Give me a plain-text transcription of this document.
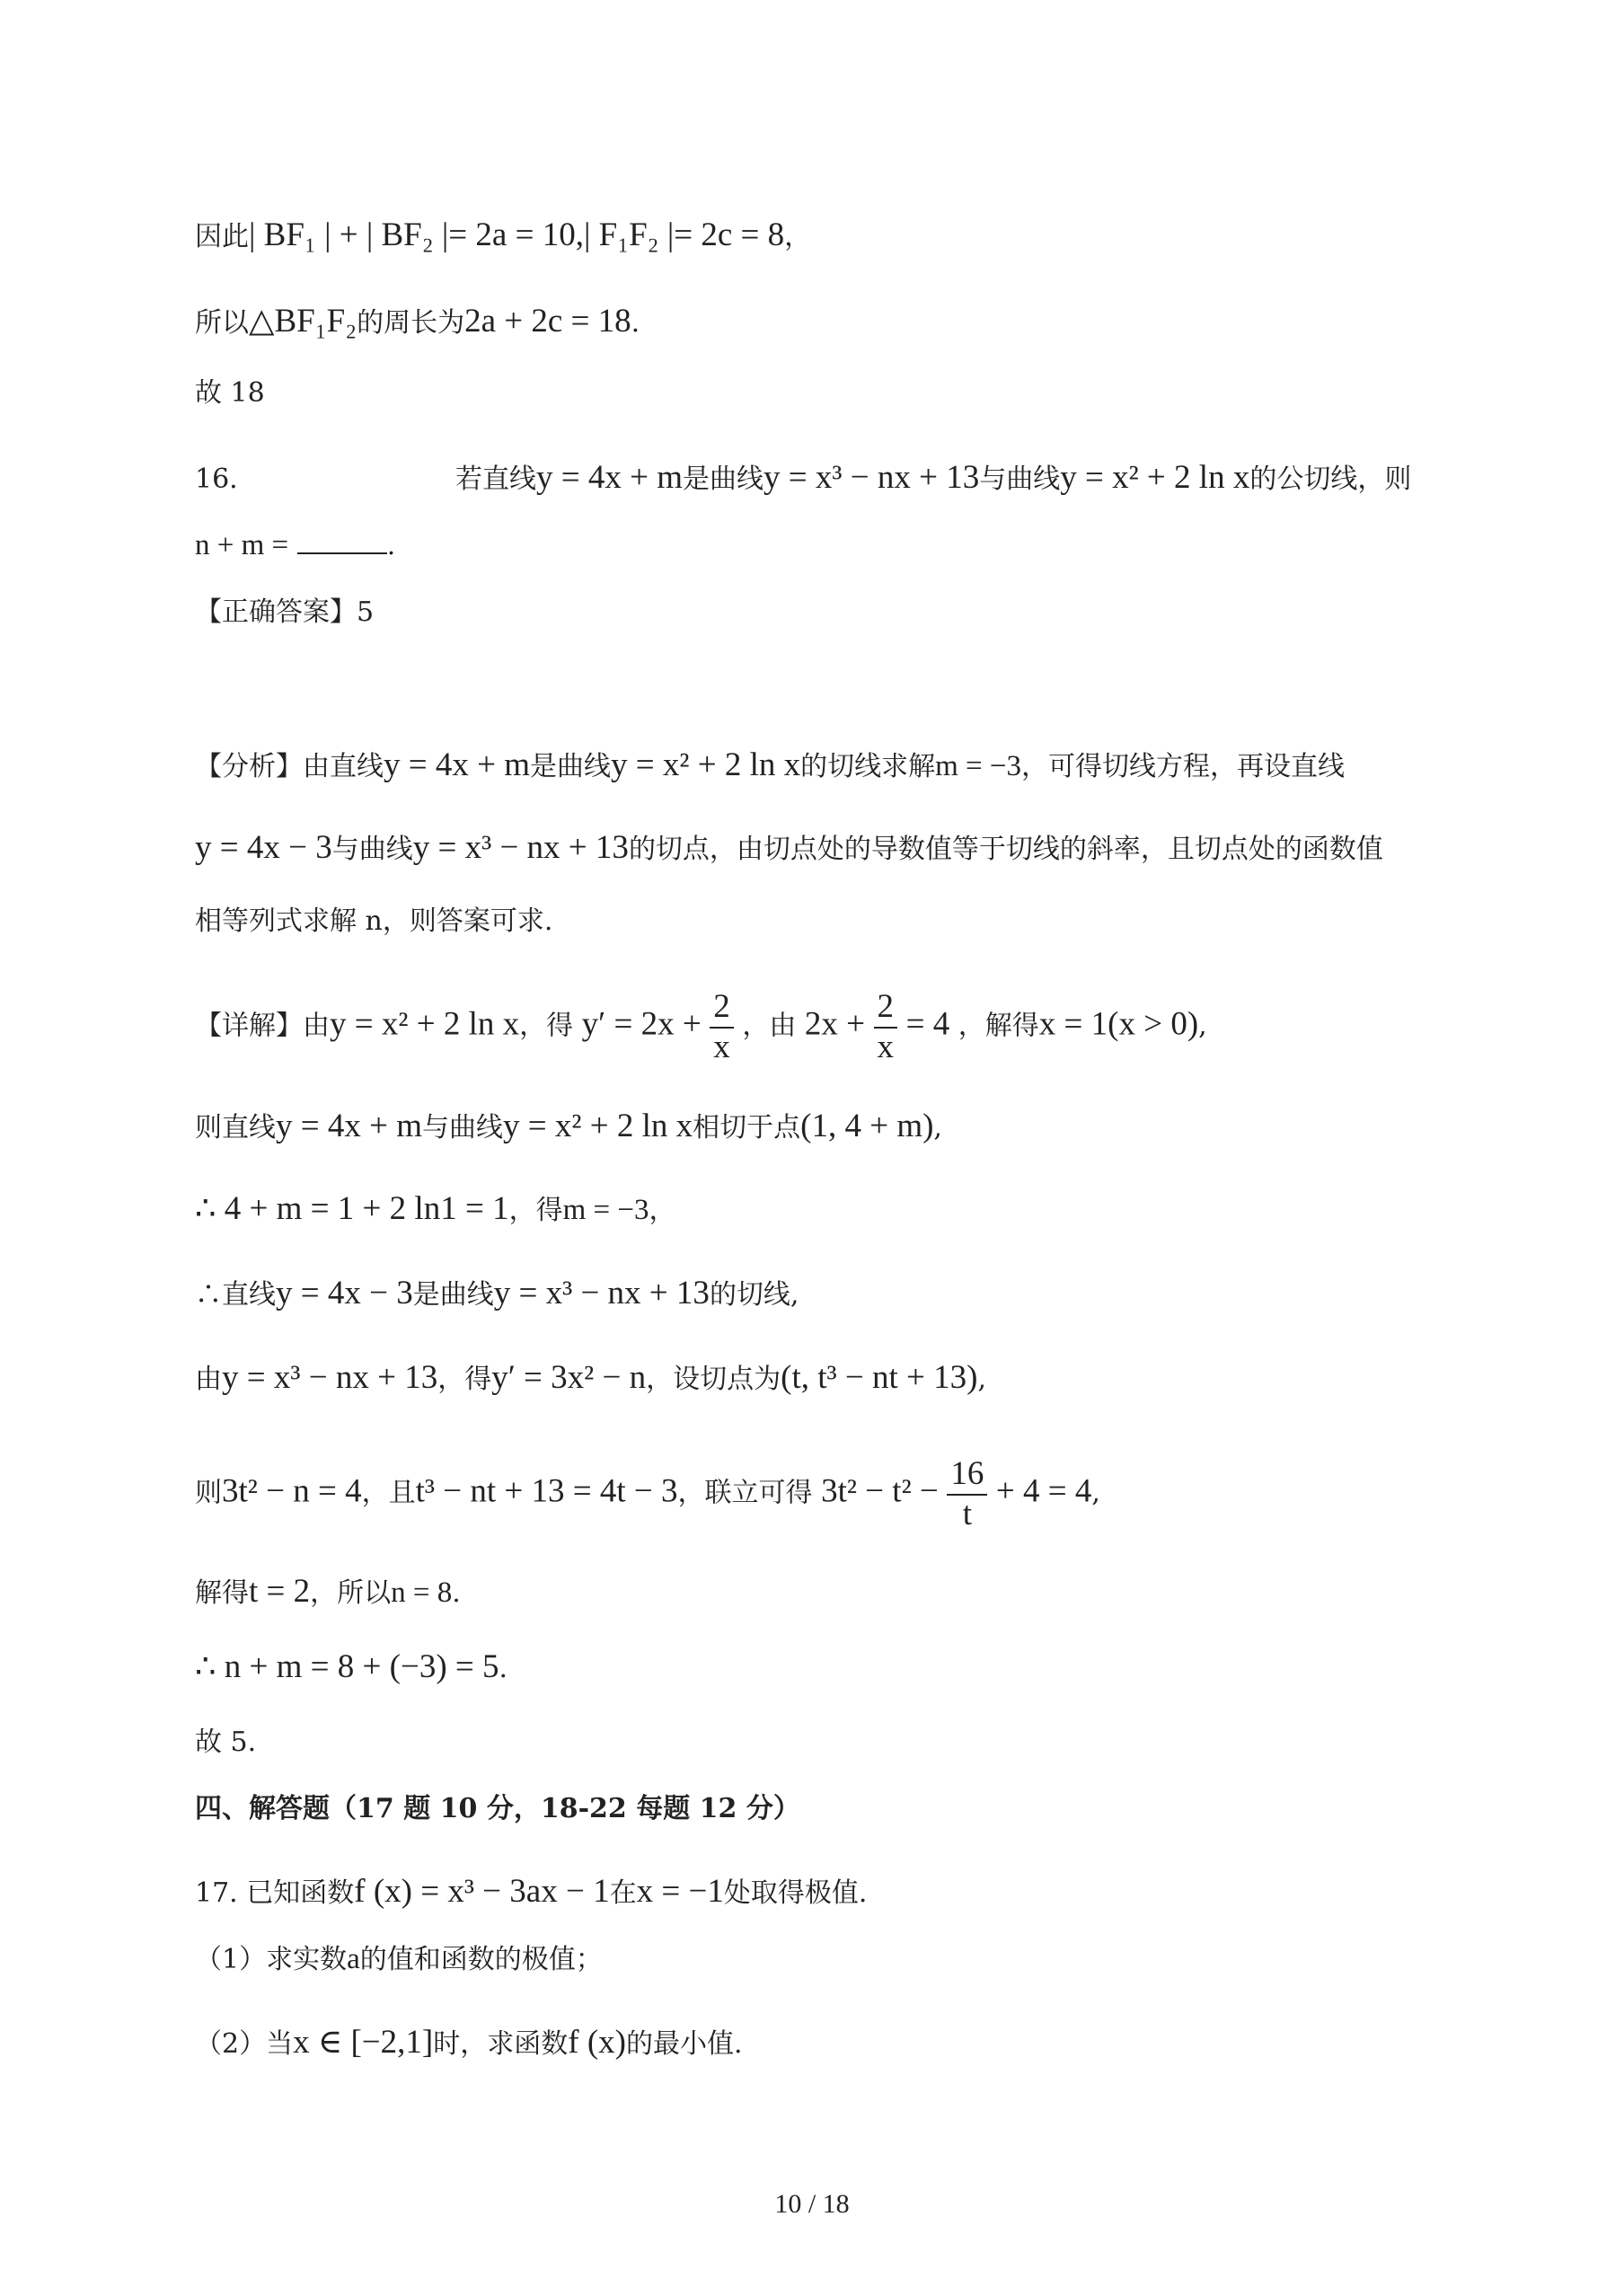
因此| BF₁ | + | BF₂ |= 2a = 10,| F₁F₂ |= 2c = 8，
所以△BF₁F₂的周长为2a + 2c = 18.
故 18
16.	若直线y = 4x + m是曲线y = x³ − nx + 13与曲线y = x² + 2 ln x的公切线，则
n + m =	.
【正确答案】5
【分析】由直线y = 4x + m是曲线y = x² + 2 ln x的切线求解m = −3，可得切线方程，再设直线
y = 4x − 3与曲线y = x³ − nx + 13的切点，由切点处的导数值等于切线的斜率，且切点处的函数值
相等列式求解 n，则答案可求.
【详解】由y = x² + 2 ln x，得 $y' = 2x + \frac{2}{x}$ ，由 $2x + \frac{2}{x} = 4$ ，解得x = 1(x > 0),
则直线y = 4x + m与曲线y = x² + 2 ln x相切于点(1, 4 + m),
∴ 4 + m = 1 + 2 ln1 = 1，得m = −3，
∴直线y = 4x − 3是曲线y = x³ − nx + 13的切线,
由y = x³ − nx + 13，得y′ = 3x² − n，设切点为(t, t³ − nt + 13),
则3t² − n = 4，且t³ − nt + 13 = 4t − 3，联立可得 $3t^2 - t^2 - \frac{16}{t} + 4 = 4$,
解得t = 2，所以n = 8.
∴ n + m = 8 + (−3) = 5.
故 5.
四、解答题（17 题 10 分，18-22 每题 12 分）
17. 已知函数f (x) = x³ − 3ax − 1在x = −1处取得极值.
（1）求实数a的值和函数的极值；
（2）当x ∈ [−2,1]时，求函数f (x)的最小值.
10 / 18
